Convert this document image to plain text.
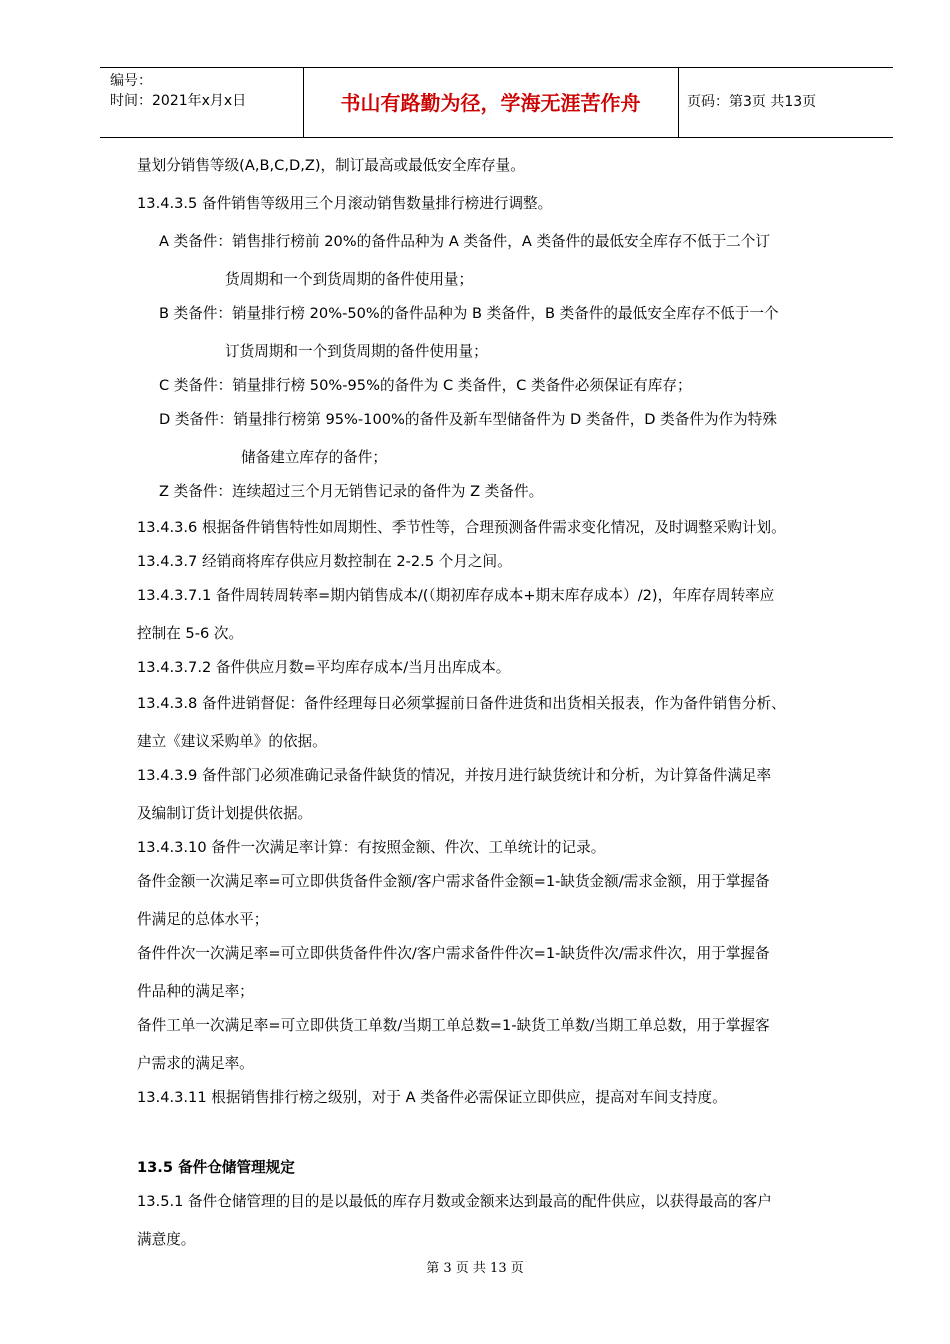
编号：
时间：2021年x月x日	书山有路勤为径，学海无涯苦作舟	页码：第3页 共13页
量划分销售等级(A,B,C,D,Z)，制订最高或最低安全库存量。
13.4.3.5 备件销售等级用三个月滚动销售数量排行榜进行调整。
A 类备件：销售排行榜前 20%的备件品种为 A 类备件，A 类备件的最低安全库存不低于二个订
货周期和一个到货周期的备件使用量；
B 类备件：销量排行榜 20%-50%的备件品种为 B 类备件，B 类备件的最低安全库存不低于一个
订货周期和一个到货周期的备件使用量；
C 类备件：销量排行榜 50%-95%的备件为 C 类备件，C 类备件必须保证有库存；
D 类备件：销量排行榜第 95%-100%的备件及新车型储备件为 D 类备件，D 类备件为作为特殊
储备建立库存的备件；
Z 类备件：连续超过三个月无销售记录的备件为 Z 类备件。
13.4.3.6 根据备件销售特性如周期性、季节性等，合理预测备件需求变化情况，及时调整采购计划。
13.4.3.7 经销商将库存供应月数控制在 2-2.5 个月之间。
13.4.3.7.1 备件周转周转率=期内销售成本/(（期初库存成本+期末库存成本）/2)，年库存周转率应
控制在 5-6 次。
13.4.3.7.2 备件供应月数=平均库存成本/当月出库成本。
13.4.3.8 备件进销督促：备件经理每日必须掌握前日备件进货和出货相关报表，作为备件销售分析、
建立《建议采购单》的依据。
13.4.3.9 备件部门必须准确记录备件缺货的情况，并按月进行缺货统计和分析，为计算备件满足率
及编制订货计划提供依据。
13.4.3.10 备件一次满足率计算：有按照金额、件次、工单统计的记录。
备件金额一次满足率=可立即供货备件金额/客户需求备件金额=1-缺货金额/需求金额，用于掌握备
件满足的总体水平；
备件件次一次满足率=可立即供货备件件次/客户需求备件件次=1-缺货件次/需求件次，用于掌握备
件品种的满足率；
备件工单一次满足率=可立即供货工单数/当期工单总数=1-缺货工单数/当期工单总数，用于掌握客
户需求的满足率。
13.4.3.11 根据销售排行榜之级别，对于 A 类备件必需保证立即供应，提高对车间支持度。
13.5 备件仓储管理规定
13.5.1 备件仓储管理的目的是以最低的库存月数或金额来达到最高的配件供应，以获得最高的客户
满意度。
第 3 页 共 13 页
